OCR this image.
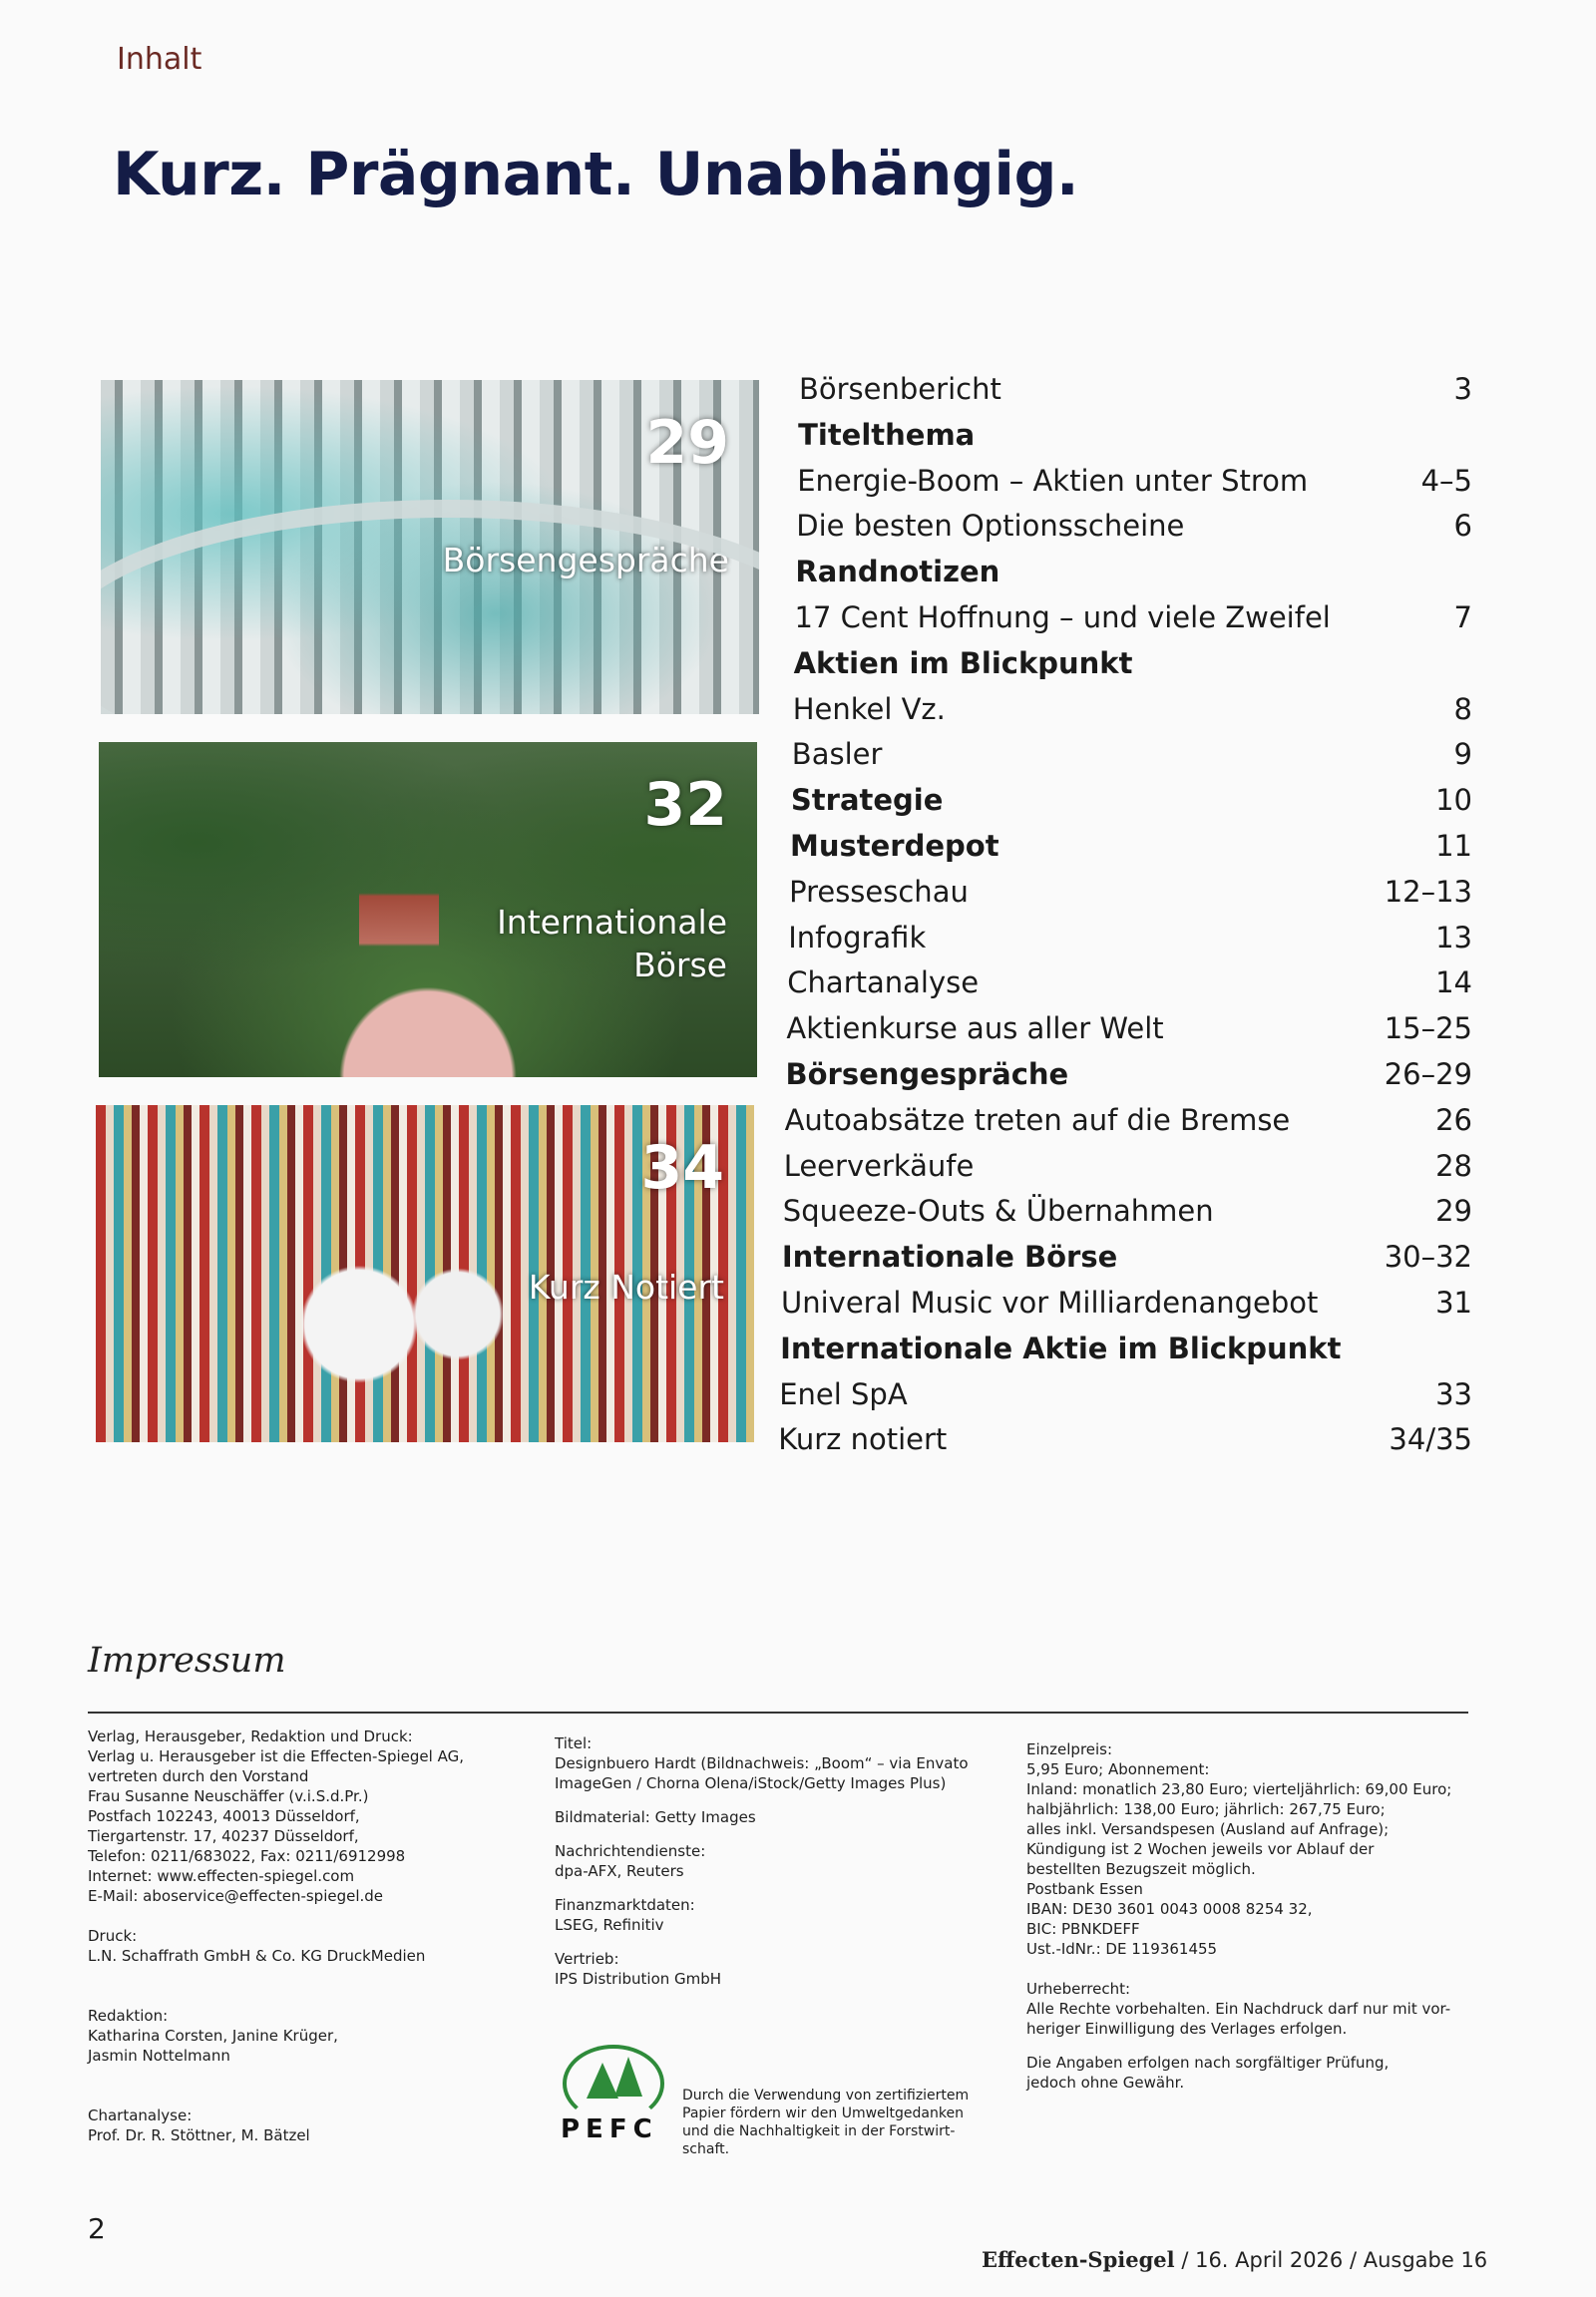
Inhalt
Kurz. Prägnant. Unabhängig.
29
Börsengespräche
32
Internationale
Börse
34
Kurz Notiert
Börsenbericht	3
Titelthema
Energie-Boom – Aktien unter Strom	4–5
Die besten Optionsscheine	6
Randnotizen
17 Cent Hoffnung – und viele Zweifel	7
Aktien im Blickpunkt
Henkel Vz.	8
Basler	9
Strategie	10
Musterdepot	11
Presseschau	12–13
Infografik	13
Chartanalyse	14
Aktienkurse aus aller Welt	15–25
Börsengespräche	26–29
Autoabsätze treten auf die Bremse	26
Leerverkäufe	28
Squeeze-Outs & Übernahmen	29
Internationale Börse	30–32
Univeral Music vor Milliardenangebot	31
Internationale Aktie im Blickpunkt
Enel SpA	33
Kurz notiert	34/35
Impressum

Verlag, Herausgeber, Redaktion und Druck:

Verlag u. Herausgeber ist die Effecten-Spiegel AG,

vertreten durch den Vorstand

Frau Susanne Neuschäffer (v.i.S.d.Pr.)

Postfach 102243, 40013 Düsseldorf,

Tiergartenstr. 17, 40237 Düsseldorf,

Telefon: 0211/683022, Fax: 0211/6912998

Internet: www.effecten-spiegel.com

E-Mail: aboservice@effecten-spiegel.de

Druck:

L.N. Schaffrath GmbH & Co. KG DruckMedien

Redaktion:

Katharina Corsten, Janine Krüger,

Jasmin Nottelmann

Chartanalyse:

Prof. Dr. R. Stöttner, M. Bätzel

Titel:

Designbuero Hardt (Bildnachweis: „Boom“ – via Envato

ImageGen / Chorna Olena/iStock/Getty Images Plus)

Bildmaterial: Getty Images

Nachrichtendienste:

dpa-AFX, Reuters

Finanzmarktdaten:

LSEG, Refinitiv

Vertrieb:

IPS Distribution GmbH

PEFC

Durch die Verwendung von zertifiziertem

Papier fördern wir den Umweltgedanken

und die Nachhaltigkeit in der Forstwirt-

schaft.

Einzelpreis:

5,95 Euro; Abonnement:

Inland: monatlich 23,80 Euro; vierteljährlich: 69,00 Euro;

halbjährlich: 138,00 Euro; jährlich: 267,75 Euro;

alles inkl. Versandspesen (Ausland auf Anfrage);

Kündigung ist 2 Wochen jeweils vor Ablauf der

bestellten Bezugszeit möglich.

Postbank Essen

IBAN: DE30 3601 0043 0008 8254 32,

BIC: PBNKDEFF

Ust.-IdNr.: DE 119361455

Urheberrecht:

Alle Rechte vorbehalten. Ein Nachdruck darf nur mit vor-

heriger Einwilligung des Verlages erfolgen.

Die Angaben erfolgen nach sorgfältiger Prüfung,

jedoch ohne Gewähr.

2
Effecten-Spiegel / 16. April 2026 / Ausgabe 16
